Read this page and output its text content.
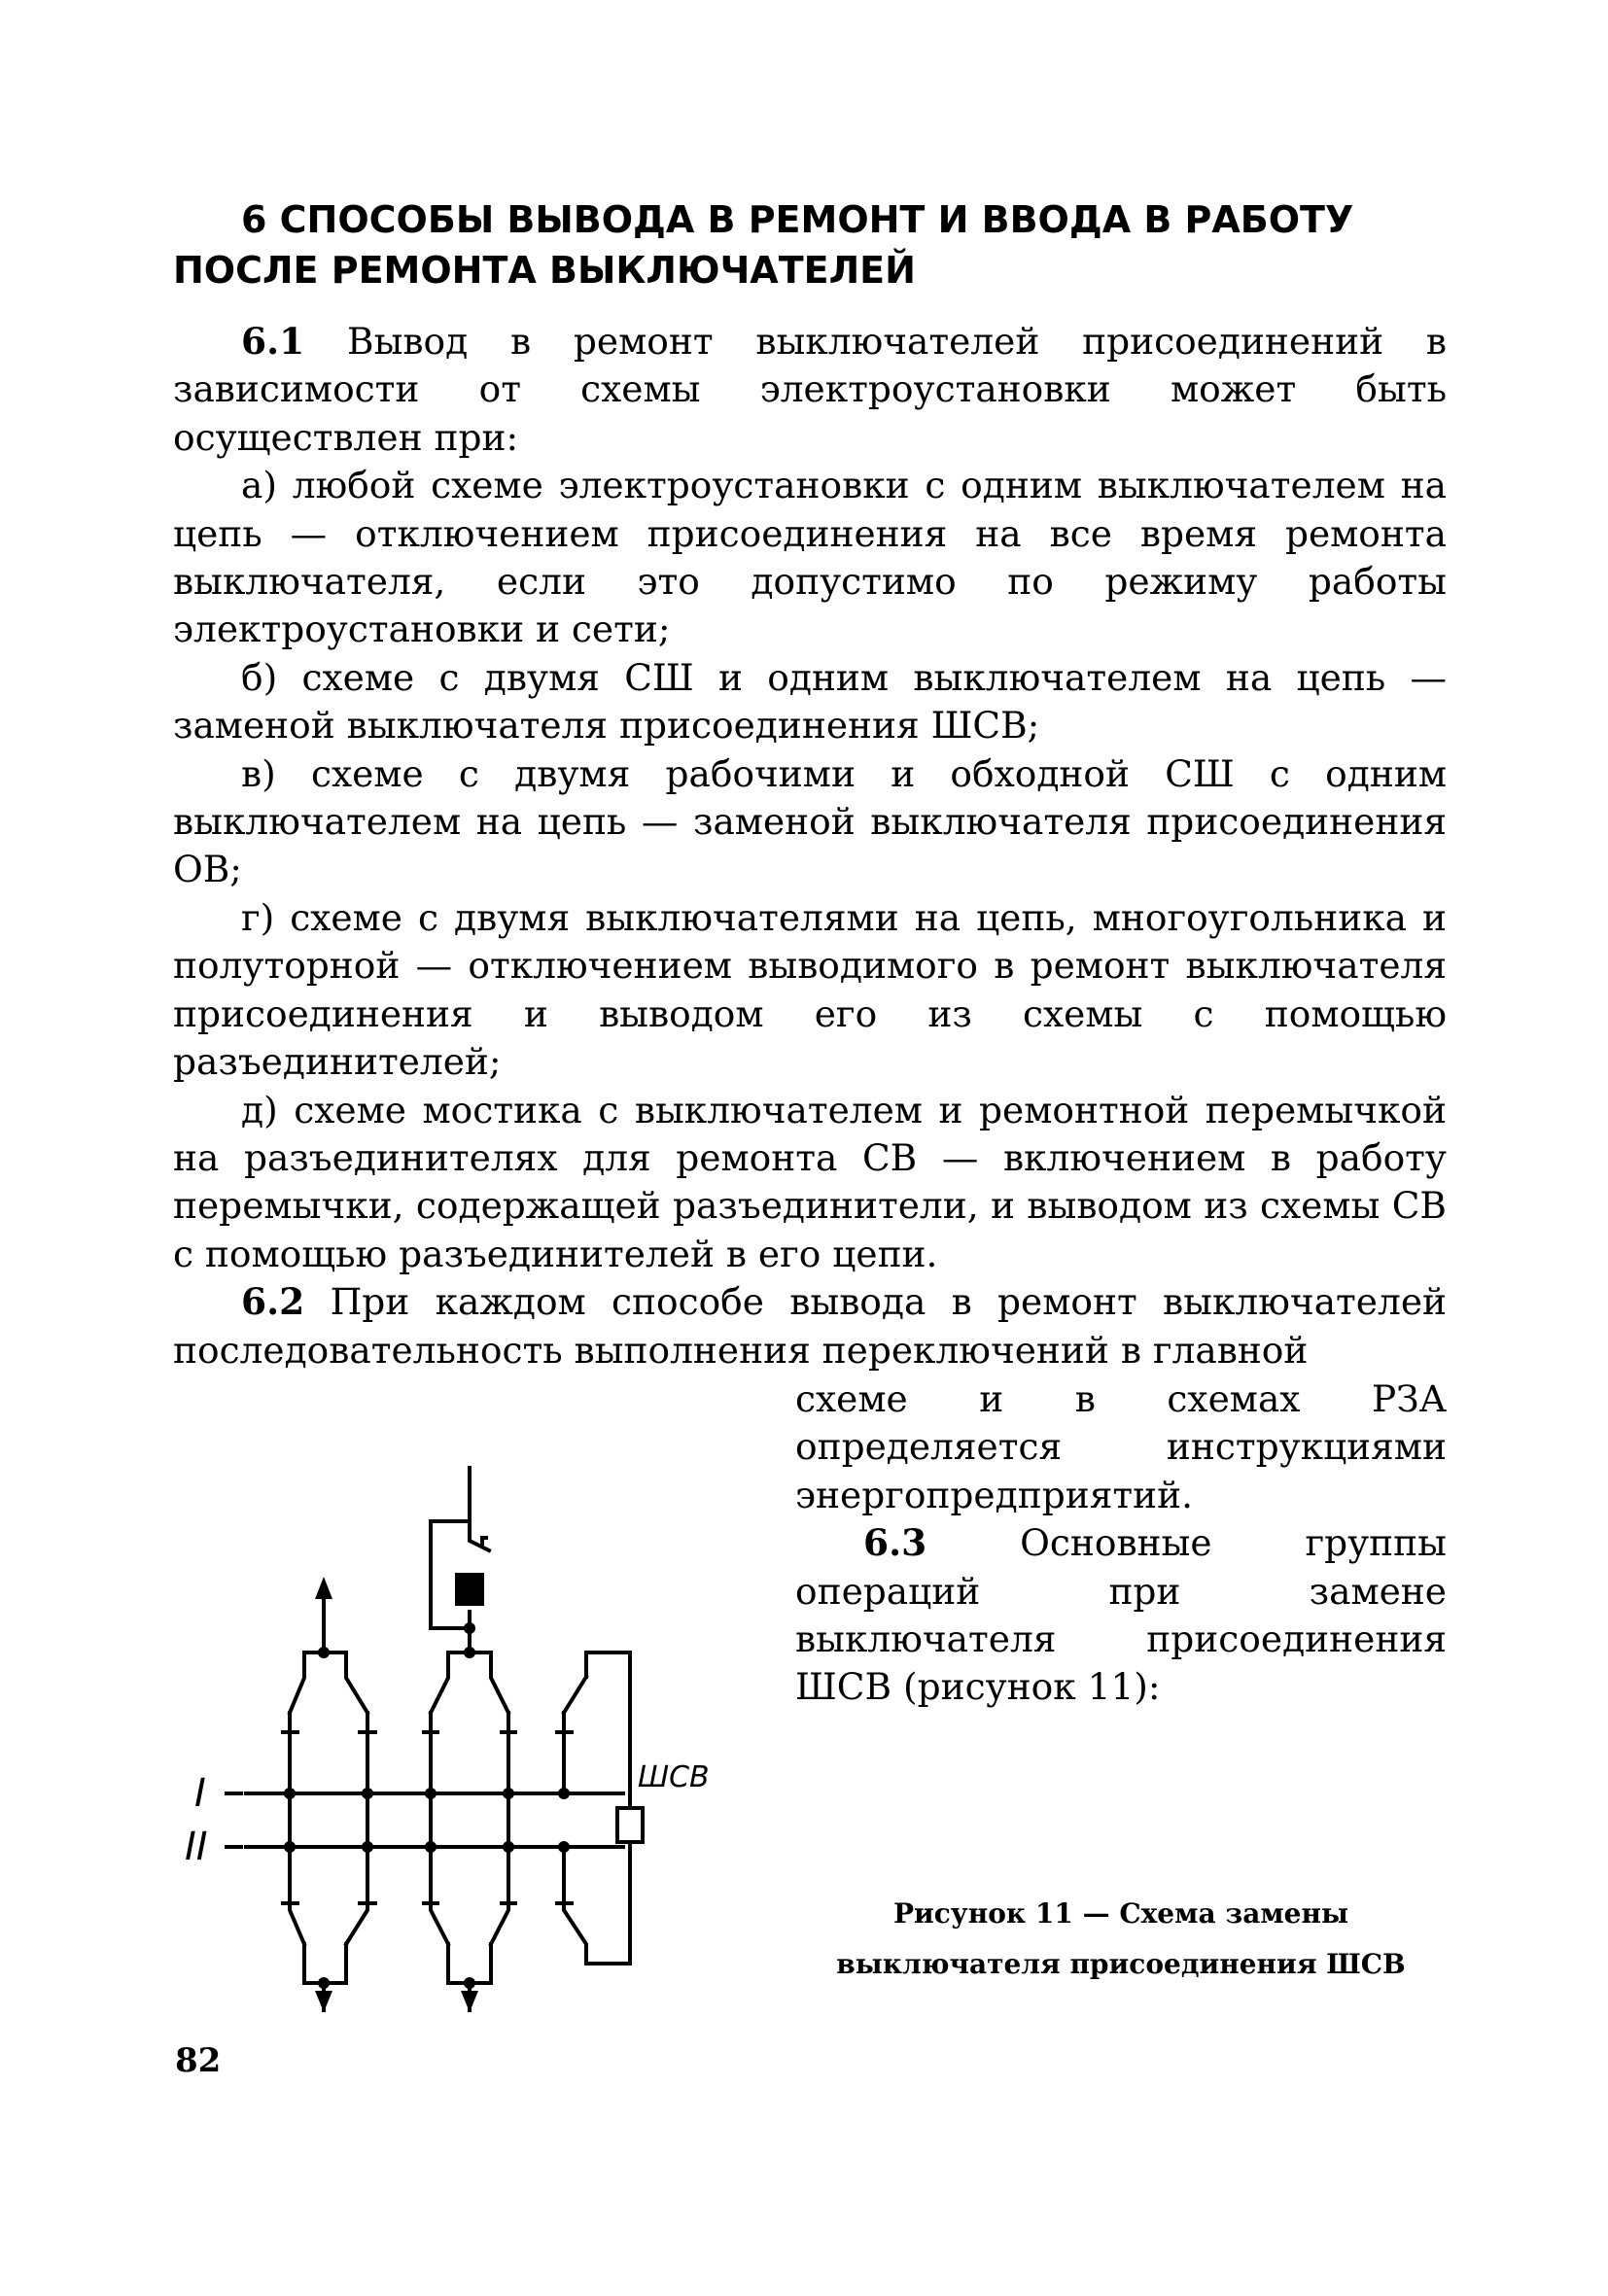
6 СПОСОБЫ ВЫВОДА В РЕМОНТ И ВВОДА В РАБОТУ
ПОСЛЕ РЕМОНТА ВЫКЛЮЧАТЕЛЕЙ

6.1 Вывод в ремонт выключателей присоединений в зависимости от схемы электроустановки может быть осуществлен при:

а) любой схеме электроустановки с одним выключателем на цепь — отключением присоединения на все время ремонта выключателя, если это допустимо по режиму работы электроустановки и сети;

б) схеме с двумя СШ и одним выключателем на цепь — заменой выключателя присоединения ШСВ;

в) схеме с двумя рабочими и обходной СШ с одним выключателем на цепь — заменой выключателя присоединения ОВ;

г) схеме с двумя выключателями на цепь, многоугольника и полуторной — отключением выводимого в ремонт выключателя присоединения и выводом его из схемы с помощью разъединителей;

д) схеме мостика с выключателем и ремонтной перемычкой на разъединителях для ремонта СВ — включением в работу перемычки, содержащей разъединители, и выводом из схемы СВ с помощью разъединителей в его цепи.

6.2 При каждом способе вывода в ремонт выключателей последовательность выполнения переключений в главной

схеме и в схемах РЗА определяется инструкциями энергопредприятий.

6.3	Основные группы операций при замене выключателя присоединения ШСВ (рисунок 11):

I
II
ШСВ
Рисунок 11 — Схема замены
выключателя присоединения ШСВ
82
